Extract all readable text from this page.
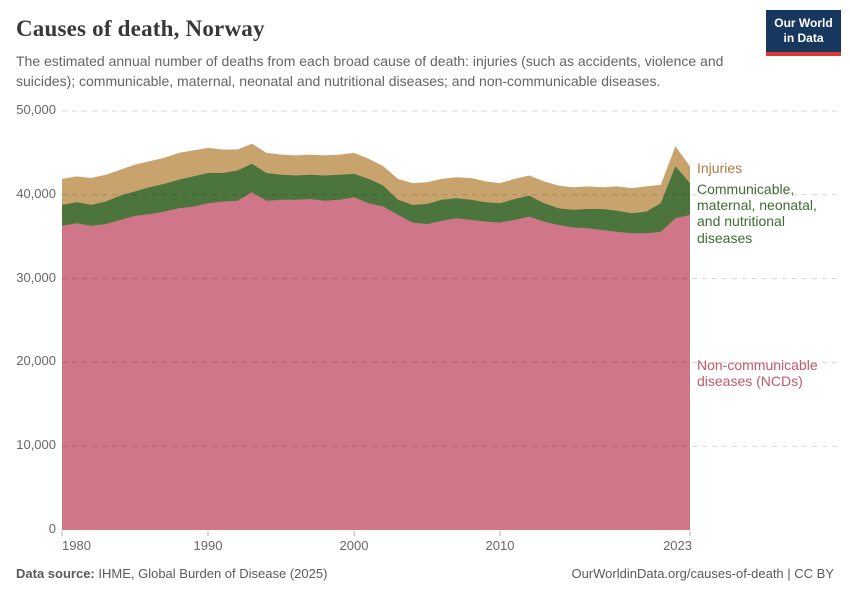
Causes of death, Norway	Our World
in Data
The estimated annual number of deaths from each broad cause of death: injuries (such as accidents, violence and suicides); communicable, maternal, neonatal and nutritional diseases; and non-communicable diseases.
0
10,000
20,000
30,000
40,000
50,000
1980	1990	2000	2010	2023
Injuries
Communicable,
maternal, neonatal,
and nutritional
diseases
Non-communicable
diseases (NCDs)
Data source: IHME, Global Burden of Disease (2025)	OurWorldinData.org/causes-of-death | CC BY
